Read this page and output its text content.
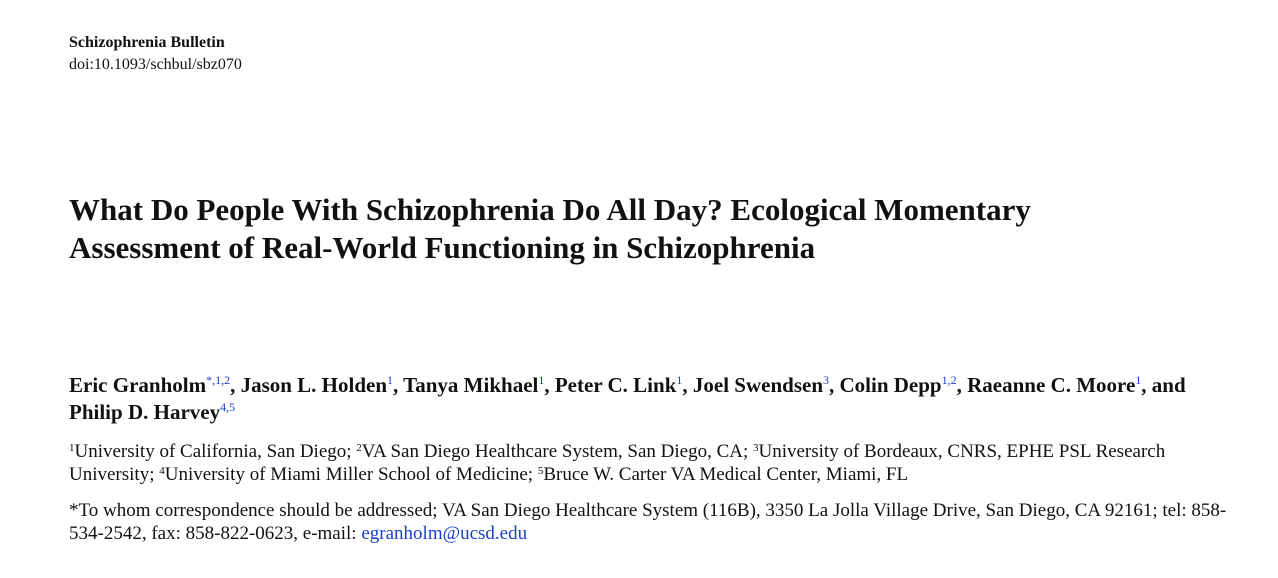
Schizophrenia Bulletin
doi:10.1093/schbul/sbz070
What Do People With Schizophrenia Do All Day? Ecological Momentary
Assessment of Real-World Functioning in Schizophrenia
Eric Granholm$^{*,1,2}$, Jason L. Holden$^1$, Tanya Mikhael$^1$, Peter C. Link$^1$, Joel Swendsen$^3$, Colin Depp$^{1,2}$, Raeanne C. Moore$^1$, and Philip D. Harvey$^{4,5}$
$^1$University of California, San Diego; $^2$VA San Diego Healthcare System, San Diego, CA; $^3$University of Bordeaux, CNRS, EPHE PSL Research University; $^4$University of Miami Miller School of Medicine; $^5$Bruce W. Carter VA Medical Center, Miami, FL
*To whom correspondence should be addressed; VA San Diego Healthcare System (116B), 3350 La Jolla Village Drive, San Diego, CA 92161; tel: 858-534-2542, fax: 858-822-0623, e-mail: egranholm@ucsd.edu
